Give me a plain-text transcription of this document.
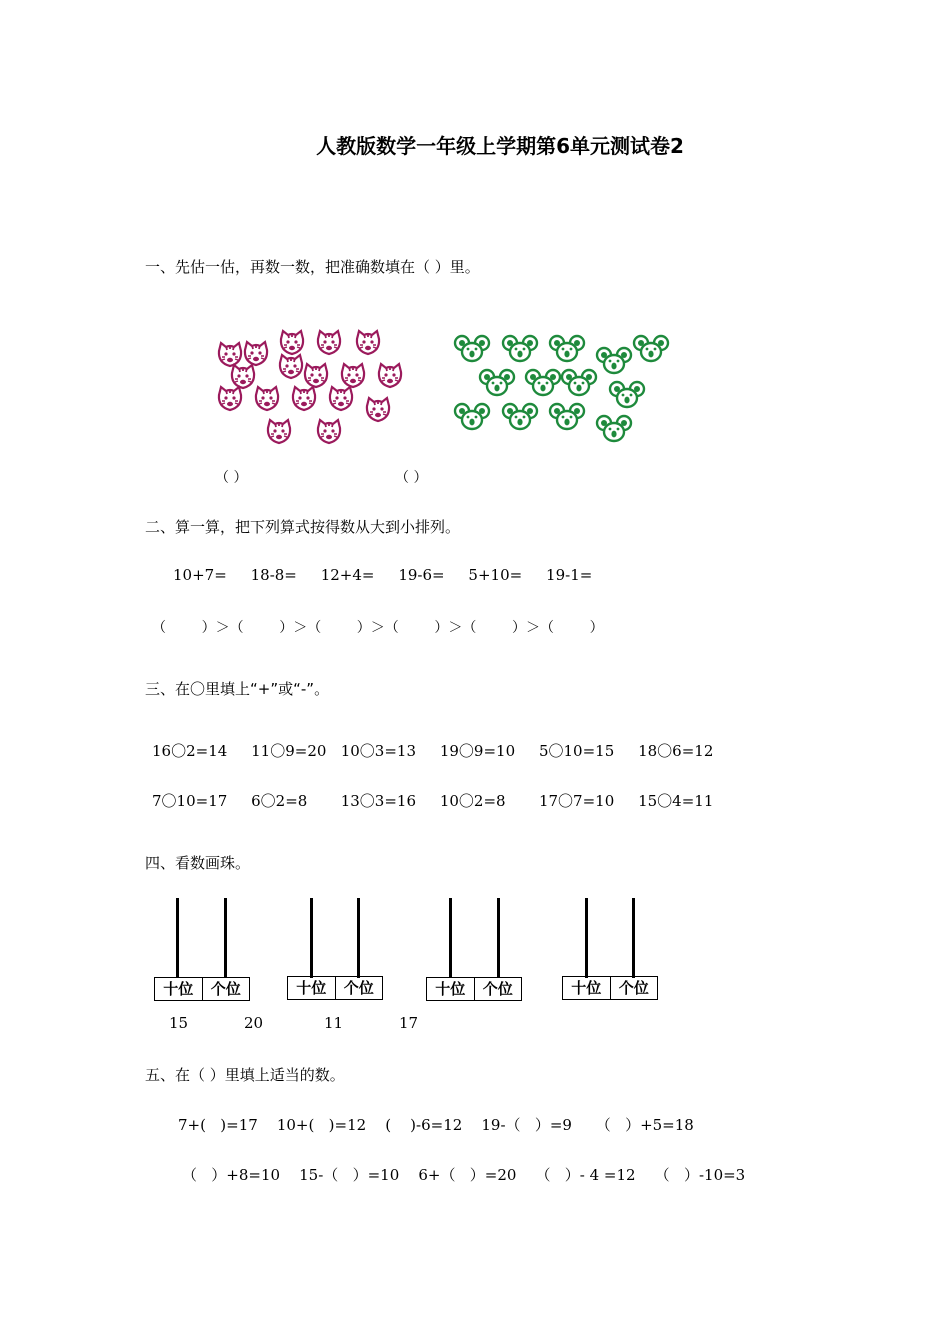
人教版数学一年级上学期第6单元测试卷2
一、先估一估，再数一数，把准确数填在（ ）里。
（ ）	（ ）
二、算一算，把下列算式按得数从大到小排列。
10+7=     18-8=     12+4=     19-6=     5+10=     19-1=
（        ）＞（        ）＞（        ）＞（        ）＞（        ）＞（        ）
三、在〇里填上“+”或“-”。
16〇2=14     11〇9=20   10〇3=13     19〇9=10     5〇10=15     18〇6=12
7〇10=17     6〇2=8       13〇3=16     10〇2=8       17〇7=10     15〇4=11
四、看数画珠。
十位	个位	十位	个位	十位	个位	十位	个位
15	20	11	17
五、在（ ）里填上适当的数。
7+(   )=17    10+(   )=12    (    )-6=12    19-（   ）=9     （   ）+5=18
（   ）+8=10    15-（   ）=10    6+（   ）=20    （   ）- 4 =12    （   ）-10=3
